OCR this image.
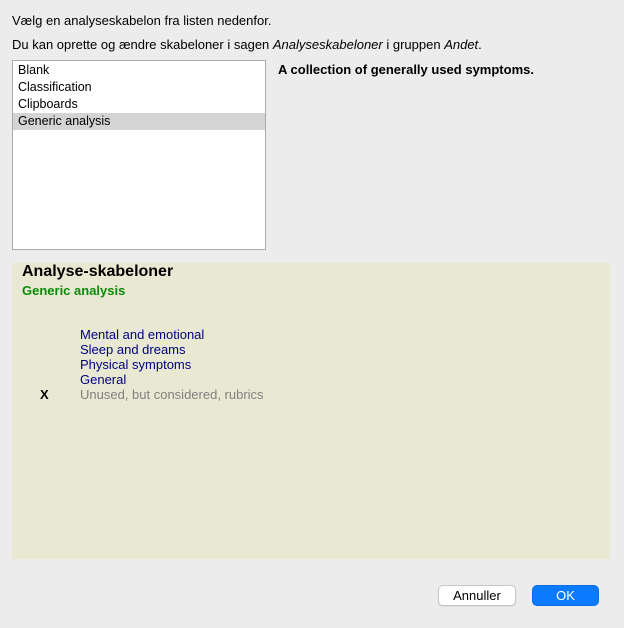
Vælg en analyseskabelon fra listen nedenfor.
Du kan oprette og ændre skabeloner i sagen Analyseskabeloner i gruppen Andet.
Blank
Classification
Clipboards
Generic analysis
A collection of generally used symptoms.
Analyse-skabeloner
Generic analysis
Mental and emotional
Sleep and dreams
Physical symptoms
General
Unused, but considered, rubrics
X
Annuller	OK
